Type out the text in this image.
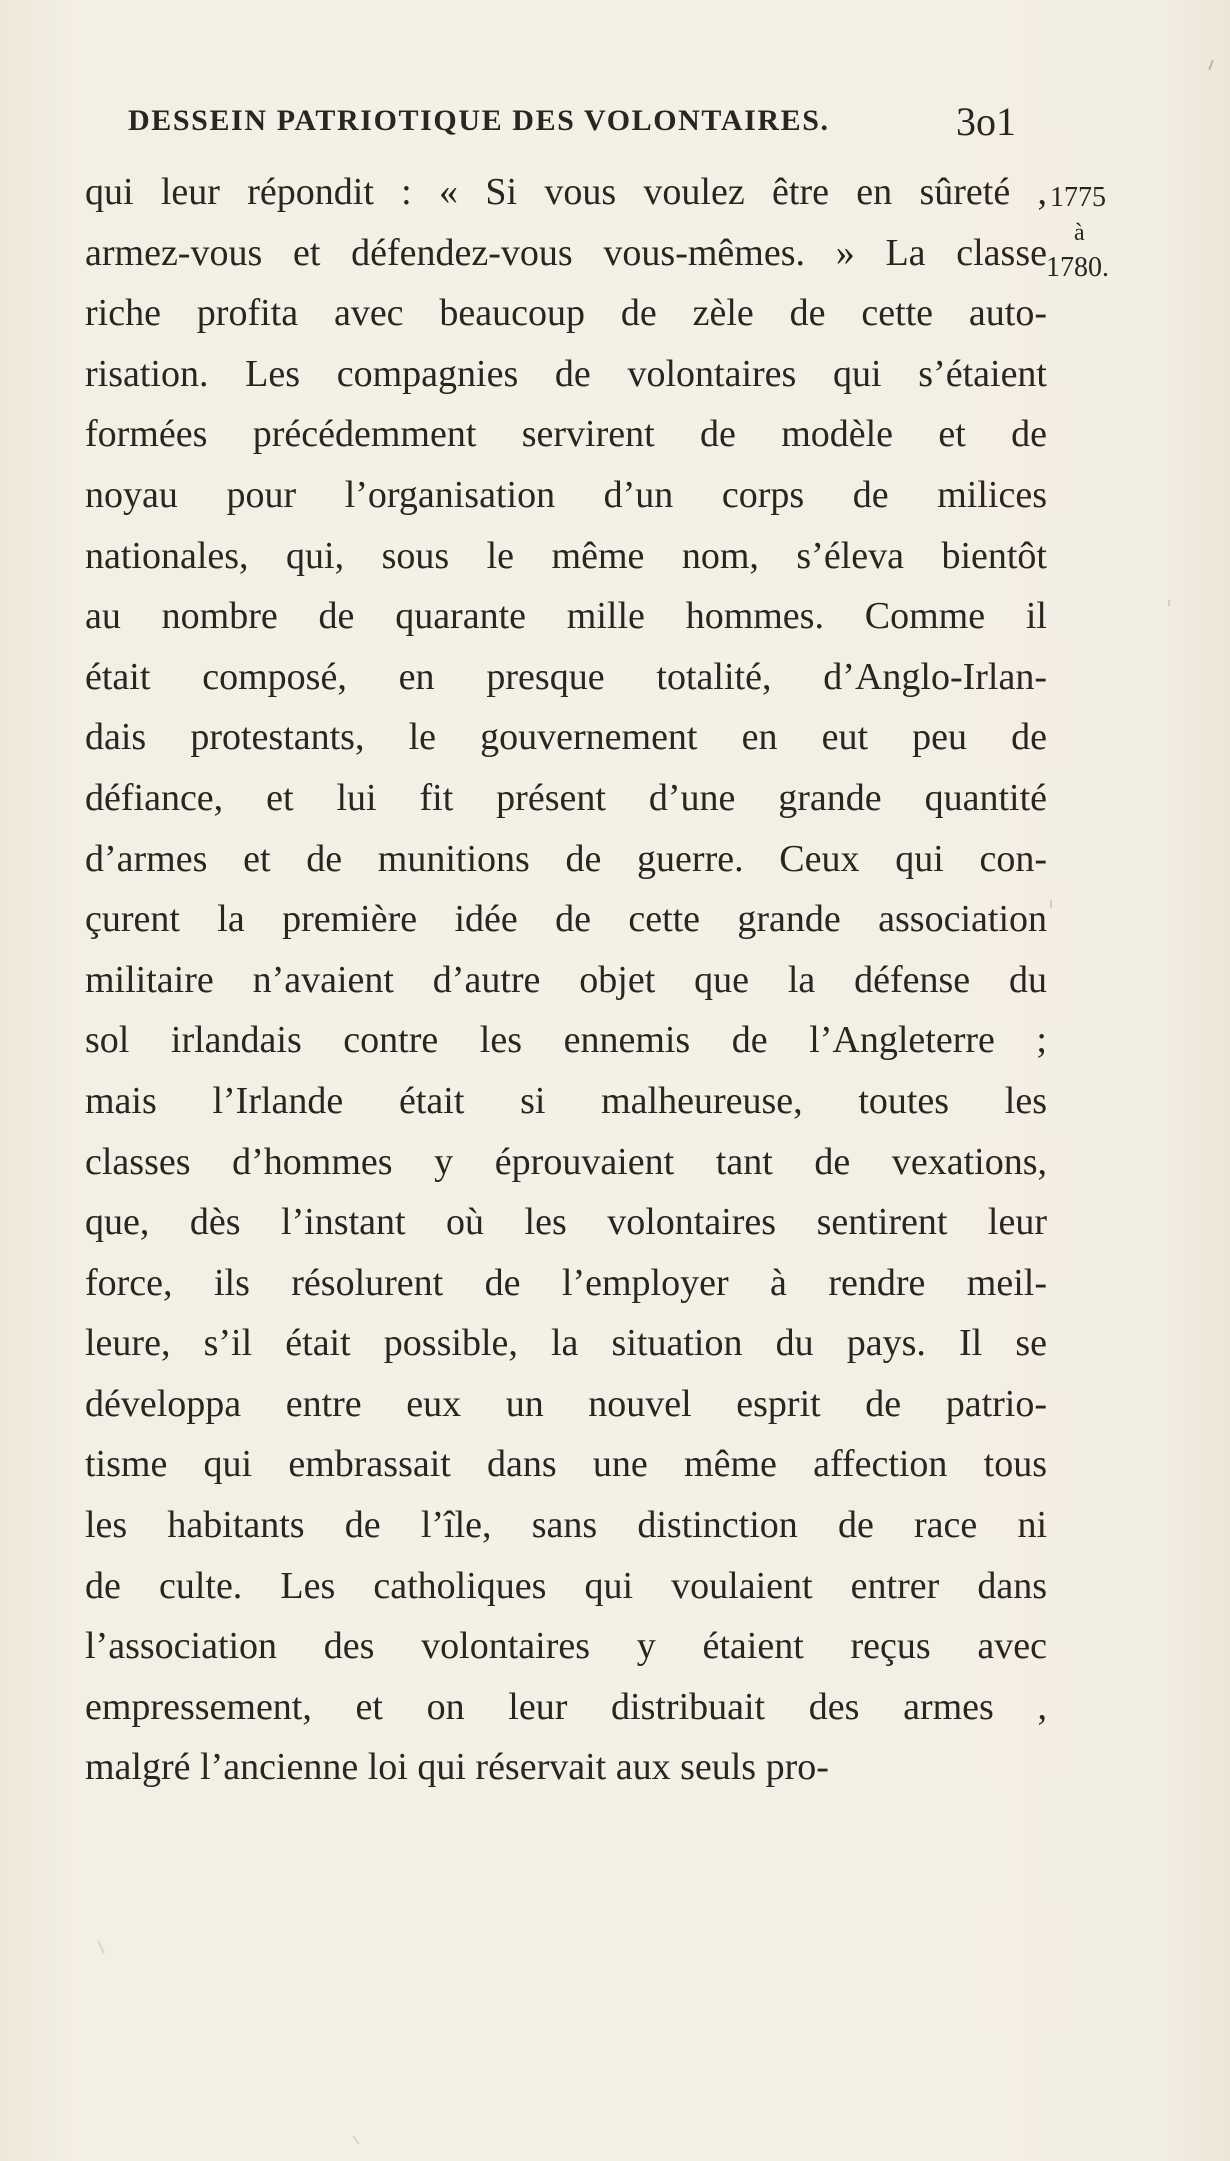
DESSEIN PATRIOTIQUE DES VOLONTAIRES.	3o1
1775
à
1780.
qui leur répondit : « Si vous voulez être en sûreté ,
armez-vous et défendez-vous vous-mêmes. » La classe
riche profita avec beaucoup de zèle de cette auto-
risation. Les compagnies de volontaires qui s’étaient
formées précédemment servirent de modèle et de
noyau pour l’organisation d’un corps de milices
nationales, qui, sous le même nom, s’éleva bientôt
au nombre de quarante mille hommes. Comme il
était composé, en presque totalité, d’Anglo-Irlan-
dais protestants, le gouvernement en eut peu de
défiance, et lui fit présent d’une grande quantité
d’armes et de munitions de guerre. Ceux qui con-
çurent la première idée de cette grande association
militaire n’avaient d’autre objet que la défense du
sol irlandais contre les ennemis de l’Angleterre ;
mais l’Irlande était si malheureuse, toutes les
classes d’hommes y éprouvaient tant de vexations,
que, dès l’instant où les volontaires sentirent leur
force, ils résolurent de l’employer à rendre meil-
leure, s’il était possible, la situation du pays. Il se
développa entre eux un nouvel esprit de patrio-
tisme qui embrassait dans une même affection tous
les habitants de l’île, sans distinction de race ni
de culte. Les catholiques qui voulaient entrer dans
l’association des volontaires y étaient reçus avec
empressement, et on leur distribuait des armes ,
malgré l’ancienne loi qui réservait aux seuls pro-
